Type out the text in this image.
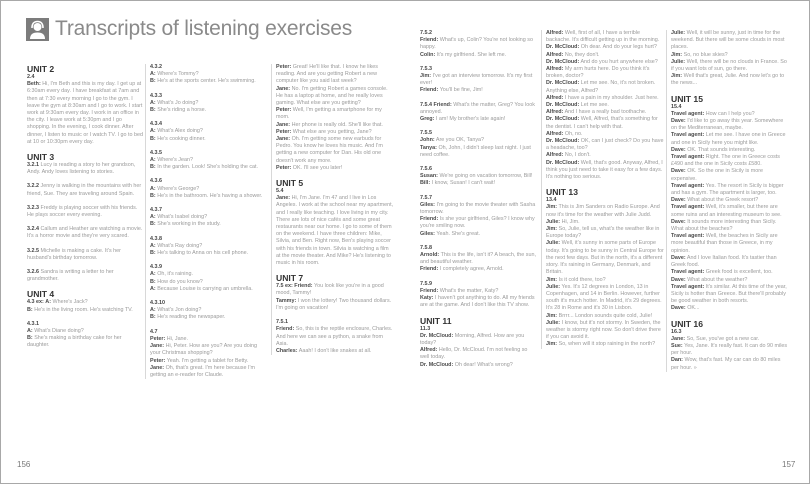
Transcripts of listening exercises

UNIT 2

2.4

Beth: Hi, I'm Beth and this is my day. I get up at 6:30am every day. I have breakfast at 7am and then at 7:30 every morning I go to the gym. I leave the gym at 8:30am and I go to work. I start work at 9:30am every day. I work in an office in the city. I leave work at 5:30pm and I go shopping. In the evening, I cook dinner. After dinner, I listen to music or I watch TV. I go to bed at 10 or 10:30pm every day.

UNIT 3

3.2.1 Lucy is reading a story to her grandson, Andy. Andy loves listening to stories.

3.2.2 Jenny is walking in the mountains with her friend, Sue. They are traveling around Spain.

3.2.3 Freddy is playing soccer with his friends. He plays soccer every evening.

3.2.4 Callum and Heather are watching a movie. It's a horror movie and they're very scared.

3.2.5 Michelle is making a cake. It's her husband's birthday tomorrow.

3.2.6 Sandra is writing a letter to her grandmother.

UNIT 4

4.3 ex: A: Where's Jack?

B: He's in the living room. He's watching TV.

4.3.1

A: What's Diane doing?

B: She's making a birthday cake for her daughter.

4.3.2

A: Where's Tommy?

B: He's at the sports center. He's swimming.

4.3.3

A: What's Jo doing?

B: She's riding a horse.

4.3.4

A: What's Alex doing?

B: He's cooking dinner.

4.3.5

A: Where's Jean?

B: In the garden. Look! She's holding the cat.

4.3.6

A: Where's George?

B: He's in the bathroom. He's having a shower.

4.3.7

A: What's Isabel doing?

B: She's working in the study.

4.3.8

A: What's Ray doing?

B: He's talking to Anna on his cell phone.

4.3.9

A: Oh, it's raining.

B: How do you know?

A: Because Louise is carrying an umbrella.

4.3.10

A: What's Jon doing?

B: He's reading the newspaper.

4.7

Peter: Hi, Jane.

Jane: Hi, Peter. How are you? Are you doing your Christmas shopping?

Peter: Yeah. I'm getting a tablet for Betty.

Jane: Oh, that's great. I'm here because I'm getting an e-reader for Claude.

Peter: Great! He'll like that. I know he likes reading. And are you getting Robert a new computer like you said last week?

Jane: No. I'm getting Robert a games console. He has a laptop at home, and he really loves gaming. What else are you getting?

Peter: Well, I'm getting a smartphone for my mom.

Jane: Her phone is really old. She'll like that.

Peter: What else are you getting, Jane?

Jane: Oh. I'm getting some new earbuds for Pedro. You know he loves his music. And I'm getting a new computer for Dan. His old one doesn't work any more.

Peter: OK. I'll see you later!

UNIT 5

5.4

Jane: Hi, I'm Jane. I'm 47 and I live in Los Angeles. I work at the school near my apartment, and I really like teaching. I love living in my city. There are lots of nice cafés and some great restaurants near our home. I go to some of them on the weekend. I have three children: Mike, Silvia, and Ben. Right now, Ben's playing soccer with his friends in town. Silvia is watching a film at the movie theater. And Mike? He's listening to music in his room.

UNIT 7

7.5 ex: Friend: You look like you're in a good mood, Tammy!

Tammy: I won the lottery! Two thousand dollars. I'm going on vacation!

7.5.1

Friend: So, this is the reptile enclosure, Charles. And here we can see a python, a snake from Asia.

Charles: Aaah! I don't like snakes at all.

7.5.2

Friend: What's up, Colin? You're not looking so happy.

Colin: It's my girlfriend. She left me.

7.5.3

Jim: I've got an interview tomorrow. It's my first ever!

Friend: You'll be fine, Jim!

7.5.4 Friend: What's the matter, Greg? You look annoyed.

Greg: I am! My brother's late again!

7.5.5

John: Are you OK, Tanya?

Tanya: Oh, John, I didn't sleep last night. I just need coffee.

7.5.6

Susan: We're going on vacation tomorrow, Bill!

Bill: I know, Susan! I can't wait!

7.5.7

Giles: I'm going to the movie theater with Sasha tomorrow.

Friend: Is she your girlfriend, Giles? I know why you're smiling now.

Giles: Yeah. She's great.

7.5.8

Arnold: This is the life, isn't it? A beach, the sun, and beautiful weather.

Friend: I completely agree, Arnold.

7.5.9

Friend: What's the matter, Katy?

Katy: I haven't got anything to do. All my friends are at the game. And I don't like this TV show.

UNIT 11

11.3

Dr. McCloud: Morning, Alfred. How are you today?

Alfred: Hello, Dr. McCloud. I'm not feeling so well today.

Dr. McCloud: Oh dear! What's wrong?

Alfred: Well, first of all, I have a terrible backache. It's difficult getting up in the morning.

Dr. McCloud: Oh dear. And do your legs hurt?

Alfred: No, they don't.

Dr. McCloud: And do you hurt anywhere else?

Alfred: My arm hurts here. Do you think it's broken, doctor?

Dr. McCloud: Let me see. No, it's not broken. Anything else, Alfred?

Alfred: I have a pain in my shoulder. Just here.

Dr. McCloud: Let me see.

Alfred: And I have a really bad toothache.

Dr. McCloud: Well, Alfred, that's something for the dentist. I can't help with that.

Alfred: Oh, no.

Dr. McCloud: OK, can I just check? Do you have a headache, too?

Alfred: No, I don't.

Dr. McCloud: Well, that's good. Anyway, Alfred, I think you just need to take it easy for a few days. It's nothing too serious.

UNIT 13

13.4

Jim: This is Jim Sanders on Radio Europe. And now it's time for the weather with Julie Judd.

Julie: Hi, Jim.

Jim: So, Julie, tell us, what's the weather like in Europe today?

Julie: Well, it's sunny in some parts of Europe today. It's going to be sunny in Central Europe for the next few days. But in the north, it's a different story. It's raining in Germany, Denmark, and Britain.

Jim: Is it cold there, too?

Julie: Yes. It's 12 degrees in London, 13 in Copenhagen, and 14 in Berlin. However, further south it's much hotter. In Madrid, it's 29 degrees. It's 28 in Rome and it's 30 in Lisbon.

Jim: Brrrr... London sounds quite cold, Julie!

Julie: I know, but it's not stormy. In Sweden, the weather is stormy right now. So don't drive there if you can avoid it.

Jim: So, when will it stop raining in the north?

Julie: Well, it will be sunny, just in time for the weekend. But there will be some clouds in most places.

Jim: So, no blue skies?

Julie: Well, there will be no clouds in France. So if you want lots of sun, go there.

Jim: Well that's great, Julie. And now let's go to the news...

UNIT 15

15.4

Travel agent: How can I help you?

Dave: I'd like to go away this year. Somewhere on the Mediterranean, maybe.

Travel agent: Let me see. I have one in Greece and one in Sicily here you might like.

Dave: OK. That sounds interesting.

Travel agent: Right. The one in Greece costs £490 and the one in Sicily costs £580.

Dave: OK. So the one in Sicily is more expensive.

Travel agent: Yes. The resort in Sicily is bigger and has a gym. The apartment is larger, too.

Dave: What about the Greek resort?

Travel agent: Well, it's smaller, but there are some ruins and an interesting museum to see.

Dave: It sounds more interesting than Sicily. What about the beaches?

Travel agent: Well, the beaches in Sicily are more beautiful than those in Greece, in my opinion.

Dave: And I love Italian food. It's tastier than Greek food.

Travel agent: Greek food is excellent, too.

Dave: What about the weather?

Travel agent: It's similar. At this time of the year, Sicily is hotter than Greece. But there'll probably be good weather in both resorts.

Dave: OK...

UNIT 16

16.3

Jane: So, Sue, you've got a new car.

Sue: Yes, Jane. It's really fast. It can do 90 miles per hour.

Dan: Wow, that's fast. My car can do 80 miles per hour. »

156	157
